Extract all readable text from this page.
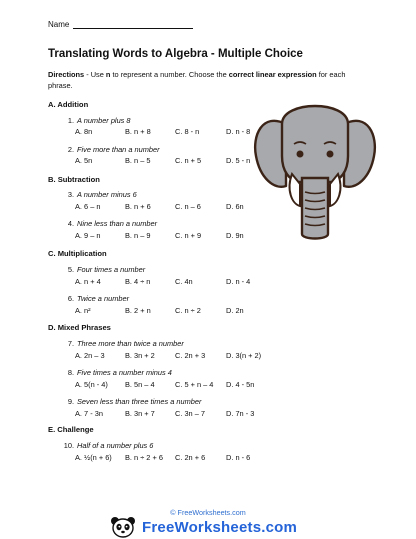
Name
Translating Words to Algebra - Multiple Choice
Directions - Use n to represent a number. Choose the correct linear expression for each phrase.
A. Addition
B. Subtraction
C. Multiplication
D. Mixed Phrases
E. Challenge
1. A number plus 8
A. 8n	B. n + 8	C. 8 - n	D. n - 8
2. Five more than a number
A. 5n	B. n – 5	C. n + 5	D. 5 - n
3. A number minus 6
A. 6 – n	B. n + 6	C. n – 6	D. 6n
4. Nine less than a number
A. 9 – n	B. n – 9	C. n + 9	D. 9n
5. Four times a number
A. n + 4	B. 4 ÷ n	C. 4n	D. n - 4
6. Twice a number
A. n²	B. 2 + n	C. n ÷ 2	D. 2n
7. Three more than twice a number
A. 2n – 3	B. 3n + 2	C. 2n + 3	D. 3(n + 2)
8. Five times a number minus 4
A. 5(n - 4)	B. 5n – 4	C. 5 + n – 4	D. 4 - 5n
9. Seven less than three times a number
A. 7 - 3n	B. 3n + 7	C. 3n – 7	D. 7n - 3
10. Half of a number plus 6
A. ½(n + 6)	B. n ÷ 2 + 6	C. 2n + 6	D. n - 6
© FreeWorksheets.com
FreeWorksheets.com
